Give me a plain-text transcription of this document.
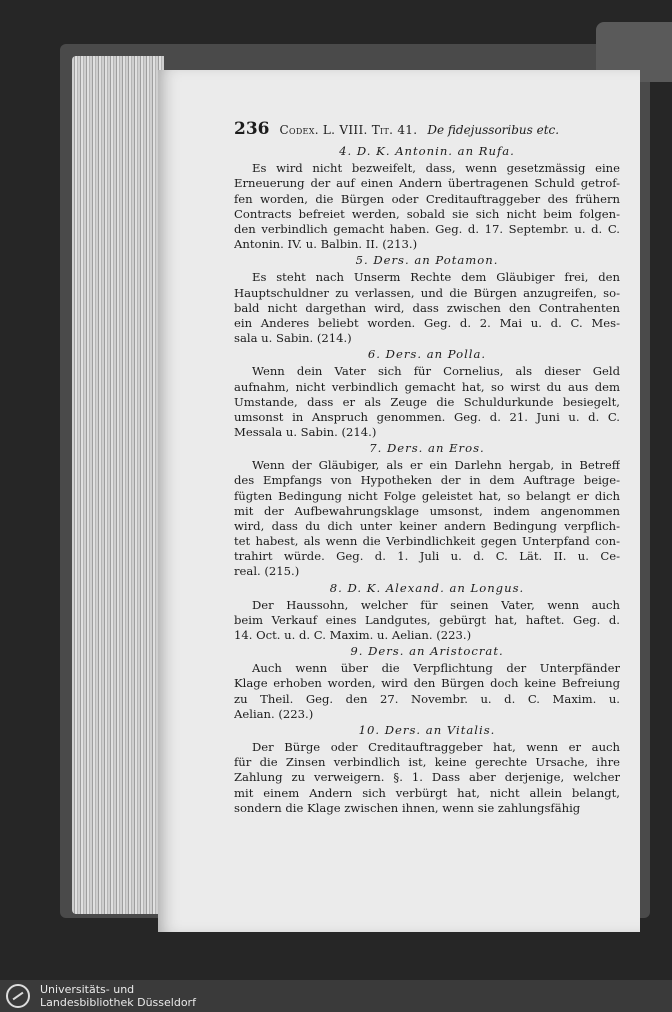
236 Codex. L. VIII. Tit. 41. De fidejussoribus etc.
4. D. K. Antonin. an Rufa.
Es wird nicht bezweifelt, dass, wenn gesetzmässig eine
Erneuerung der auf einen Andern übertragenen Schuld getrof-
fen worden, die Bürgen oder Creditauftraggeber des frühern
Contracts befreiet werden, sobald sie sich nicht beim folgen-
den verbindlich gemacht haben. Geg. d. 17. Septembr. u. d. C.
Antonin. IV. u. Balbin. II. (213.)
5. Ders. an Potamon.
Es steht nach Unserm Rechte dem Gläubiger frei, den
Hauptschuldner zu verlassen, und die Bürgen anzugreifen, so-
bald nicht dargethan wird, dass zwischen den Contrahenten
ein Anderes beliebt worden. Geg. d. 2. Mai u. d. C. Mes-
sala u. Sabin. (214.)
6. Ders. an Polla.
Wenn dein Vater sich für Cornelius, als dieser Geld
aufnahm, nicht verbindlich gemacht hat, so wirst du aus dem
Umstande, dass er als Zeuge die Schuldurkunde besiegelt,
umsonst in Anspruch genommen. Geg. d. 21. Juni u. d. C.
Messala u. Sabin. (214.)
7. Ders. an Eros.
Wenn der Gläubiger, als er ein Darlehn hergab, in Betreff
des Empfangs von Hypotheken der in dem Auftrage beige-
fügten Bedingung nicht Folge geleistet hat, so belangt er dich
mit der Aufbewahrungsklage umsonst, indem angenommen
wird, dass du dich unter keiner andern Bedingung verpflich-
tet habest, als wenn die Verbindlichkeit gegen Unterpfand con-
trahirt würde. Geg. d. 1. Juli u. d. C. Lät. II. u. Ce-
real. (215.)
8. D. K. Alexand. an Longus.
Der Haussohn, welcher für seinen Vater, wenn auch
beim Verkauf eines Landgutes, gebürgt hat, haftet. Geg. d.
14. Oct. u. d. C. Maxim. u. Aelian. (223.)
9. Ders. an Aristocrat.
Auch wenn über die Verpflichtung der Unterpfänder
Klage erhoben worden, wird den Bürgen doch keine Befreiung
zu Theil. Geg. den 27. Novembr. u. d. C. Maxim. u.
Aelian. (223.)
10. Ders. an Vitalis.
Der Bürge oder Creditauftraggeber hat, wenn er auch
für die Zinsen verbindlich ist, keine gerechte Ursache, ihre
Zahlung zu verweigern. §. 1. Dass aber derjenige, welcher
mit einem Andern sich verbürgt hat, nicht allein belangt,
sondern die Klage zwischen ihnen, wenn sie zahlungsfähig
Universitäts- und
Landesbibliothek Düsseldorf
